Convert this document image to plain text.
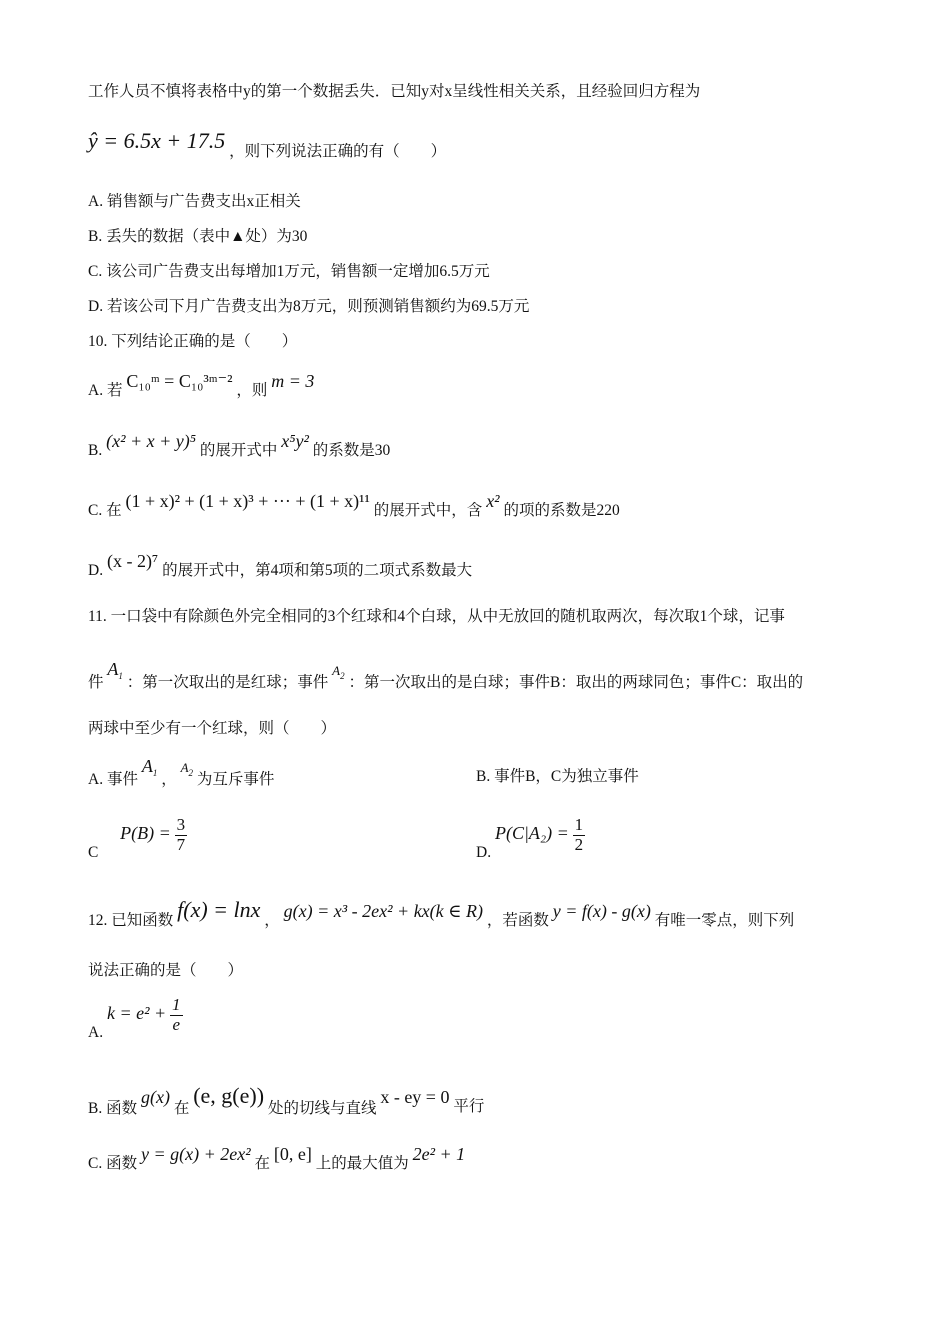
工作人员不慎将表格中y的第一个数据丢失．已知y对x呈线性相关关系，且经验回归方程为
ŷ = 6.5x + 17.5 ，则下列说法正确的有（　　）
A. 销售额与广告费支出x正相关
B. 丢失的数据（表中▲处）为30
C. 该公司广告费支出每增加1万元，销售额一定增加6.5万元
D. 若该公司下月广告费支出为8万元，则预测销售额约为69.5万元
10. 下列结论正确的是（　　）
A. 若 C₁₀ᵐ = C₁₀³ᵐ⁻² ，则 m = 3
B. (x² + x + y)⁵ 的展开式中 x⁵y² 的系数是30
C. 在 (1 + x)² + (1 + x)³ + ··· + (1 + x)¹¹ 的展开式中，含 x² 的项的系数是220
D. (x - 2)⁷ 的展开式中，第4项和第5项的二项式系数最大
11. 一口袋中有除颜色外完全相同的3个红球和4个白球，从中无放回的随机取两次，每次取1个球，记事
件 $A_1$ ：第一次取出的是红球；事件 $A_2$ ：第一次取出的是白球；事件B：取出的两球同色；事件C：取出的
两球中至少有一个红球，则（　　）
A. 事件 $A_1$ ， $A_2$ 为互斥事件	B. 事件B，C为独立事件
C  $P(B) = \frac{3}{7}$	D. $P(C|A_2) = \frac{1}{2}$
12. 已知函数 f(x) = lnx ， g(x) = x³ - 2ex² + kx(k ∈ R) ，若函数 y = f(x) - g(x) 有唯一零点，则下列
说法正确的是（　　）
A. $k = e^2 + \frac{1}{e}$
B. 函数 g(x) 在 (e, g(e)) 处的切线与直线 x - ey = 0 平行
C. 函数 y = g(x) + 2ex² 在 [0, e] 上的最大值为 2e² + 1
